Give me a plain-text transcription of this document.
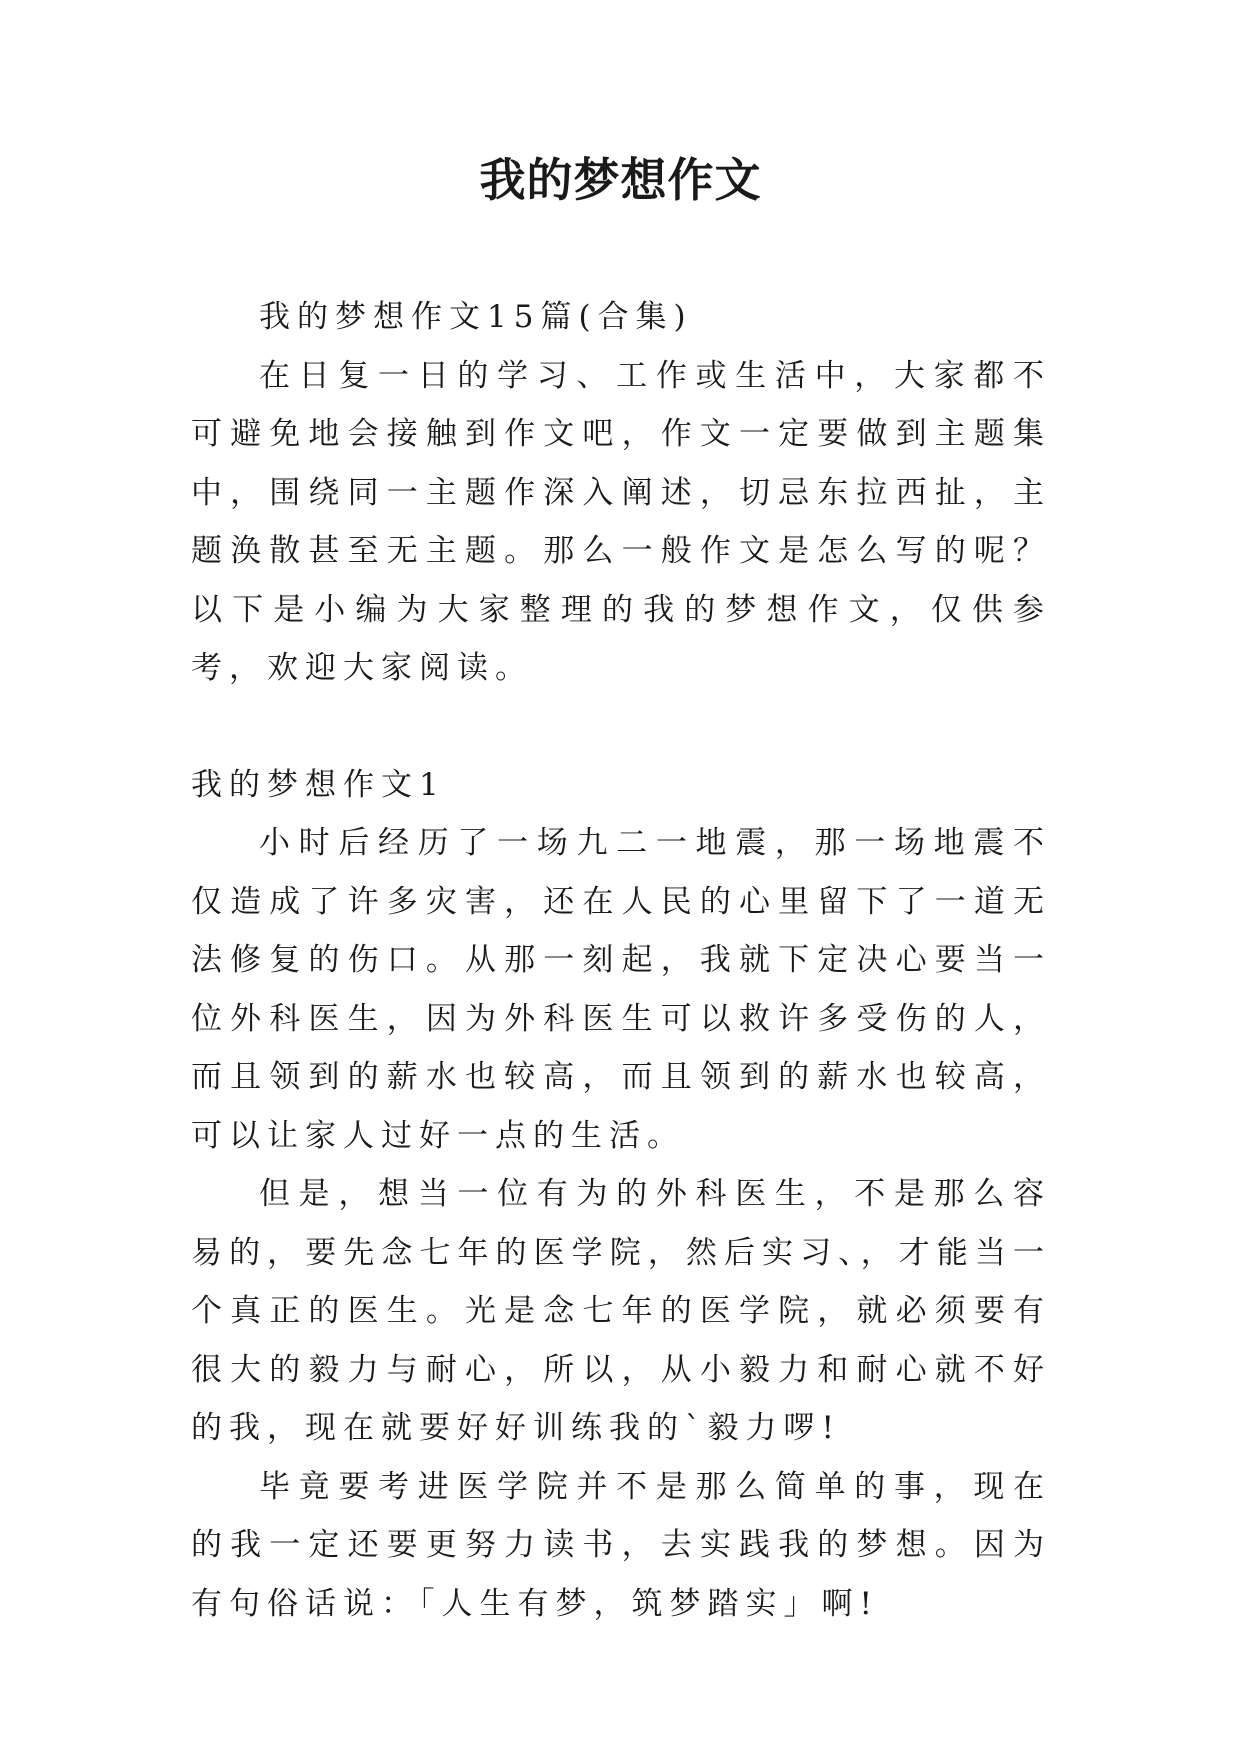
我的梦想作文

我的梦想作文15篇(合集)

在日复一日的学习、工作或生活中，大家都不可避免地会接触到作文吧，作文一定要做到主题集中，围绕同一主题作深入阐述，切忌东拉西扯，主题涣散甚至无主题。那么一般作文是怎么写的呢？以下是小编为大家整理的我的梦想作文，仅供参考，欢迎大家阅读。

我的梦想作文1

小时后经历了一场九二一地震，那一场地震不仅造成了许多灾害，还在人民的心里留下了一道无法修复的伤口。从那一刻起，我就下定决心要当一位外科医生，因为外科医生可以救许多受伤的人，而且领到的薪水也较高，而且领到的薪水也较高，可以让家人过好一点的生活。

但是，想当一位有为的外科医生，不是那么容易的，要先念七年的医学院，然后实习、，才能当一个真正的医生。光是念七年的医学院，就必须要有很大的毅力与耐心，所以，从小毅力和耐心就不好的我，现在就要好好训练我的`毅力啰!

毕竟要考进医学院并不是那么简单的事，现在的我一定还要更努力读书，去实践我的梦想。因为有句俗话说：「人生有梦，筑梦踏实」啊!
